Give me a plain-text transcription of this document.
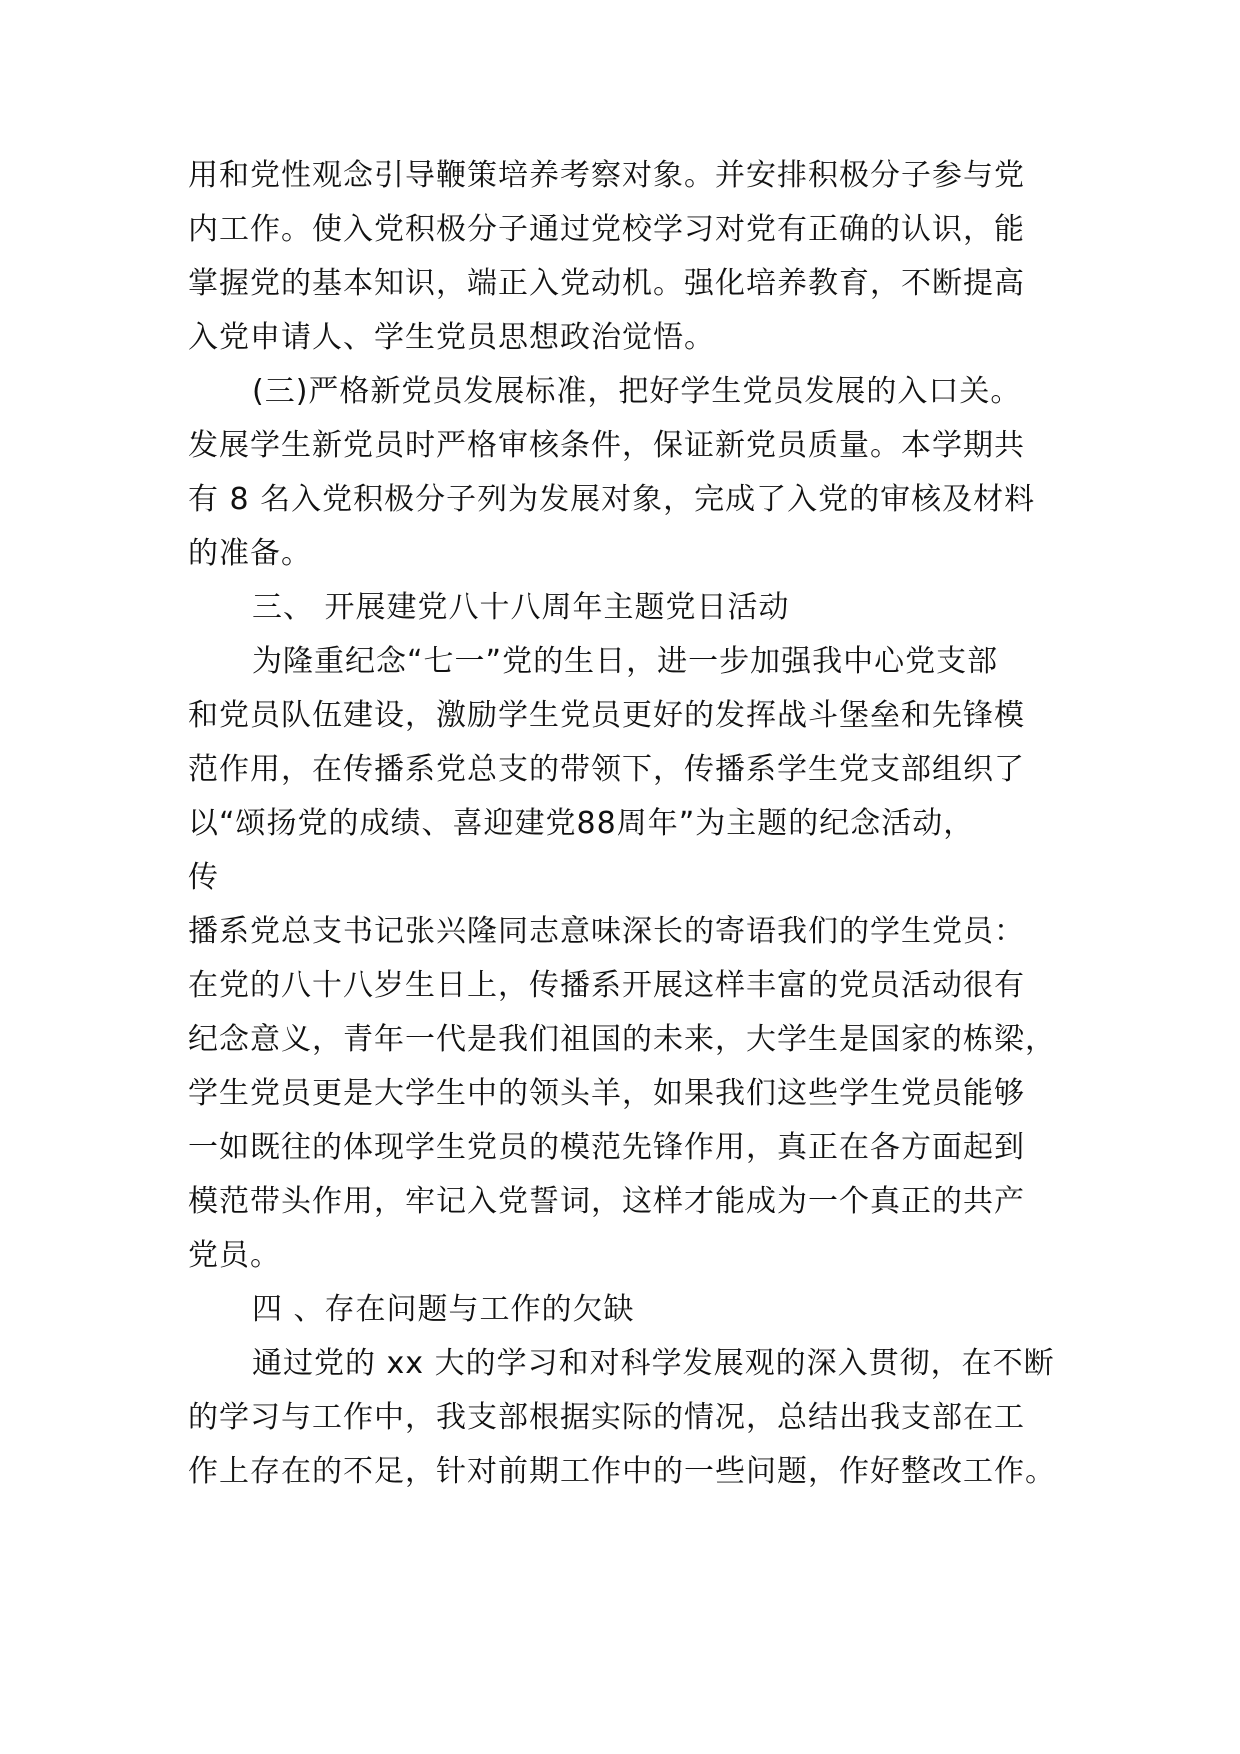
用和党性观念引导鞭策培养考察对象。并安排积极分子参与党
内工作。使入党积极分子通过党校学习对党有正确的认识，能
掌握党的基本知识，端正入党动机。强化培养教育，不断提高
入党申请人、学生党员思想政治觉悟。
(三)严格新党员发展标准，把好学生党员发展的入口关。
发展学生新党员时严格审核条件，保证新党员质量。本学期共
有 8 名入党积极分子列为发展对象，完成了入党的审核及材料
的准备。
三、 开展建党八十八周年主题党日活动
为隆重纪念“七一”党的生日，进一步加强我中心党支部
和党员队伍建设，激励学生党员更好的发挥战斗堡垒和先锋模
范作用，在传播系党总支的带领下，传播系学生党支部组织了
以“颂扬党的成绩、喜迎建党88周年”为主题的纪念活动，
传
播系党总支书记张兴隆同志意味深长的寄语我们的学生党员：
在党的八十八岁生日上，传播系开展这样丰富的党员活动很有
纪念意义，青年一代是我们祖国的未来，大学生是国家的栋梁，
学生党员更是大学生中的领头羊，如果我们这些学生党员能够
一如既往的体现学生党员的模范先锋作用，真正在各方面起到
模范带头作用，牢记入党誓词，这样才能成为一个真正的共产
党员。
四 、存在问题与工作的欠缺
通过党的 xx 大的学习和对科学发展观的深入贯彻，在不断
的学习与工作中，我支部根据实际的情况，总结出我支部在工
作上存在的不足，针对前期工作中的一些问题，作好整改工作。
